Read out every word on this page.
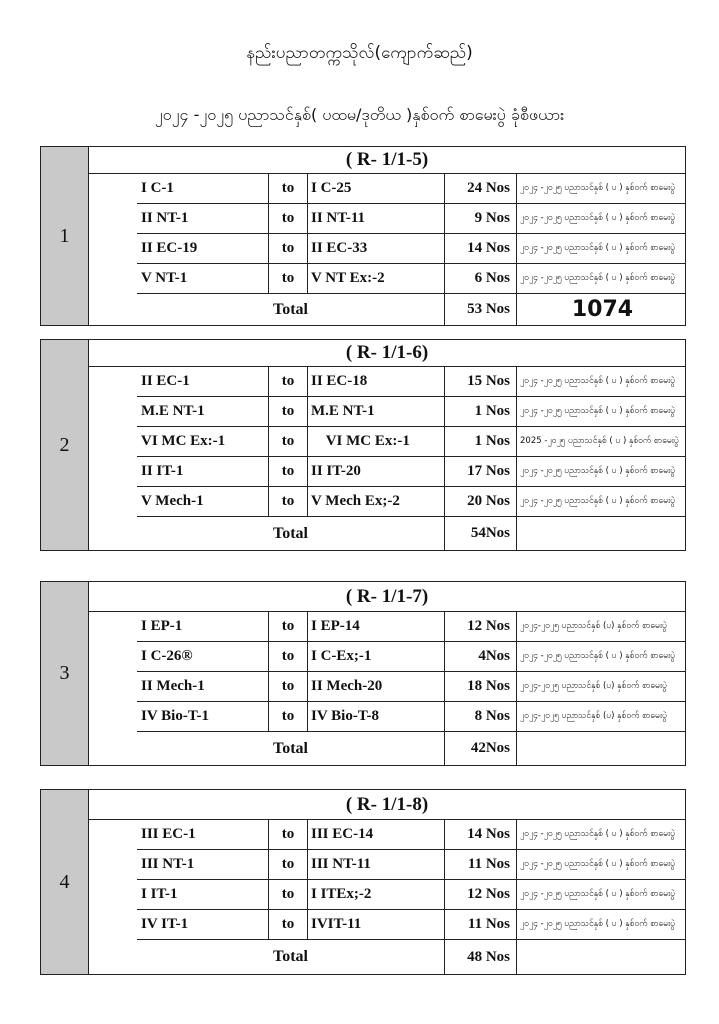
နည်းပညာတက္ကသိုလ်(ကျောက်ဆည်)
၂၀၂၄ -၂၀၂၅ ပညာသင်နှစ်( ပထမ/ဒုတိယ )နှစ်ဝက် စာမေးပွဲ ခုံစီဖယား
1
( R- 1/1-5)
I C-1	to	I C-25	24 Nos	၂၀၂၄ -၂၀၂၅ ပညာသင်နှစ် ( ပ ) နှစ်ဝက် စာမေးပွဲ
II NT-1	to	II NT-11	9 Nos	၂၀၂၄ -၂၀၂၅ ပညာသင်နှစ် ( ပ ) နှစ်ဝက် စာမေးပွဲ
II EC-19	to	II EC-33	14 Nos	၂၀၂၄ -၂၀၂၅ ပညာသင်နှစ် ( ပ ) နှစ်ဝက် စာမေးပွဲ
V NT-1	to	V NT Ex:-2	6 Nos	၂၀၂၄ -၂၀၂၅ ပညာသင်နှစ် ( ပ ) နှစ်ဝက် စာမေးပွဲ
Total	53 Nos	1074
2
( R- 1/1-6)
II EC-1	to	II EC-18	15 Nos	၂၀၂၄ -၂၀၂၅ ပညာသင်နှစ် ( ပ ) နှစ်ဝက် စာမေးပွဲ
M.E NT-1	to	M.E NT-1	1 Nos	၂၀၂၄ -၂၀၂၅ ပညာသင်နှစ် ( ပ ) နှစ်ဝက် စာမေးပွဲ
VI MC Ex:-1	to	VI MC Ex:-1	1 Nos	2025 -၂၀၂၅ ပညာသင်နှစ် ( ပ ) နှစ်ဝက် စာမေးပွဲ
II IT-1	to	II IT-20	17 Nos	၂၀၂၄ -၂၀၂၅ ပညာသင်နှစ် ( ပ ) နှစ်ဝက် စာမေးပွဲ
V Mech-1	to	V Mech Ex;-2	20 Nos	၂၀၂၄ -၂၀၂၅ ပညာသင်နှစ် ( ပ ) နှစ်ဝက် စာမေးပွဲ
Total	54Nos
3
( R- 1/1-7)
I EP-1	to	I EP-14	12 Nos	၂၀၂၄-၂၀၂၅ ပညာသင်နှစ် (ပ) နှစ်ဝက် စာမေးပွဲ
I C-26®	to	I C-Ex;-1	4Nos	၂၀၂၄ -၂၀၂၅ ပညာသင်နှစ် ( ပ ) နှစ်ဝက် စာမေးပွဲ
II Mech-1	to	II Mech-20	18 Nos	၂၀၂၄-၂၀၂၅ ပညာသင်နှစ် (ပ) နှစ်ဝက် စာမေးပွဲ
IV Bio-T-1	to	IV Bio-T-8	8 Nos	၂၀၂၄-၂၀၂၅ ပညာသင်နှစ် (ပ) နှစ်ဝက် စာမေးပွဲ
Total	42Nos
4
( R- 1/1-8)
III EC-1	to	III EC-14	14 Nos	၂၀၂၄ -၂၀၂၅ ပညာသင်နှစ် ( ပ ) နှစ်ဝက် စာမေးပွဲ
III NT-1	to	III NT-11	11 Nos	၂၀၂၄ -၂၀၂၅ ပညာသင်နှစ် ( ပ ) နှစ်ဝက် စာမေးပွဲ
I IT-1	to	I ITEx;-2	12 Nos	၂၀၂၄ -၂၀၂၅ ပညာသင်နှစ် ( ပ ) နှစ်ဝက် စာမေးပွဲ
IV IT-1	to	IVIT-11	11 Nos	၂၀၂၄ -၂၀၂၅ ပညာသင်နှစ် ( ပ ) နှစ်ဝက် စာမေးပွဲ
Total	48 Nos
